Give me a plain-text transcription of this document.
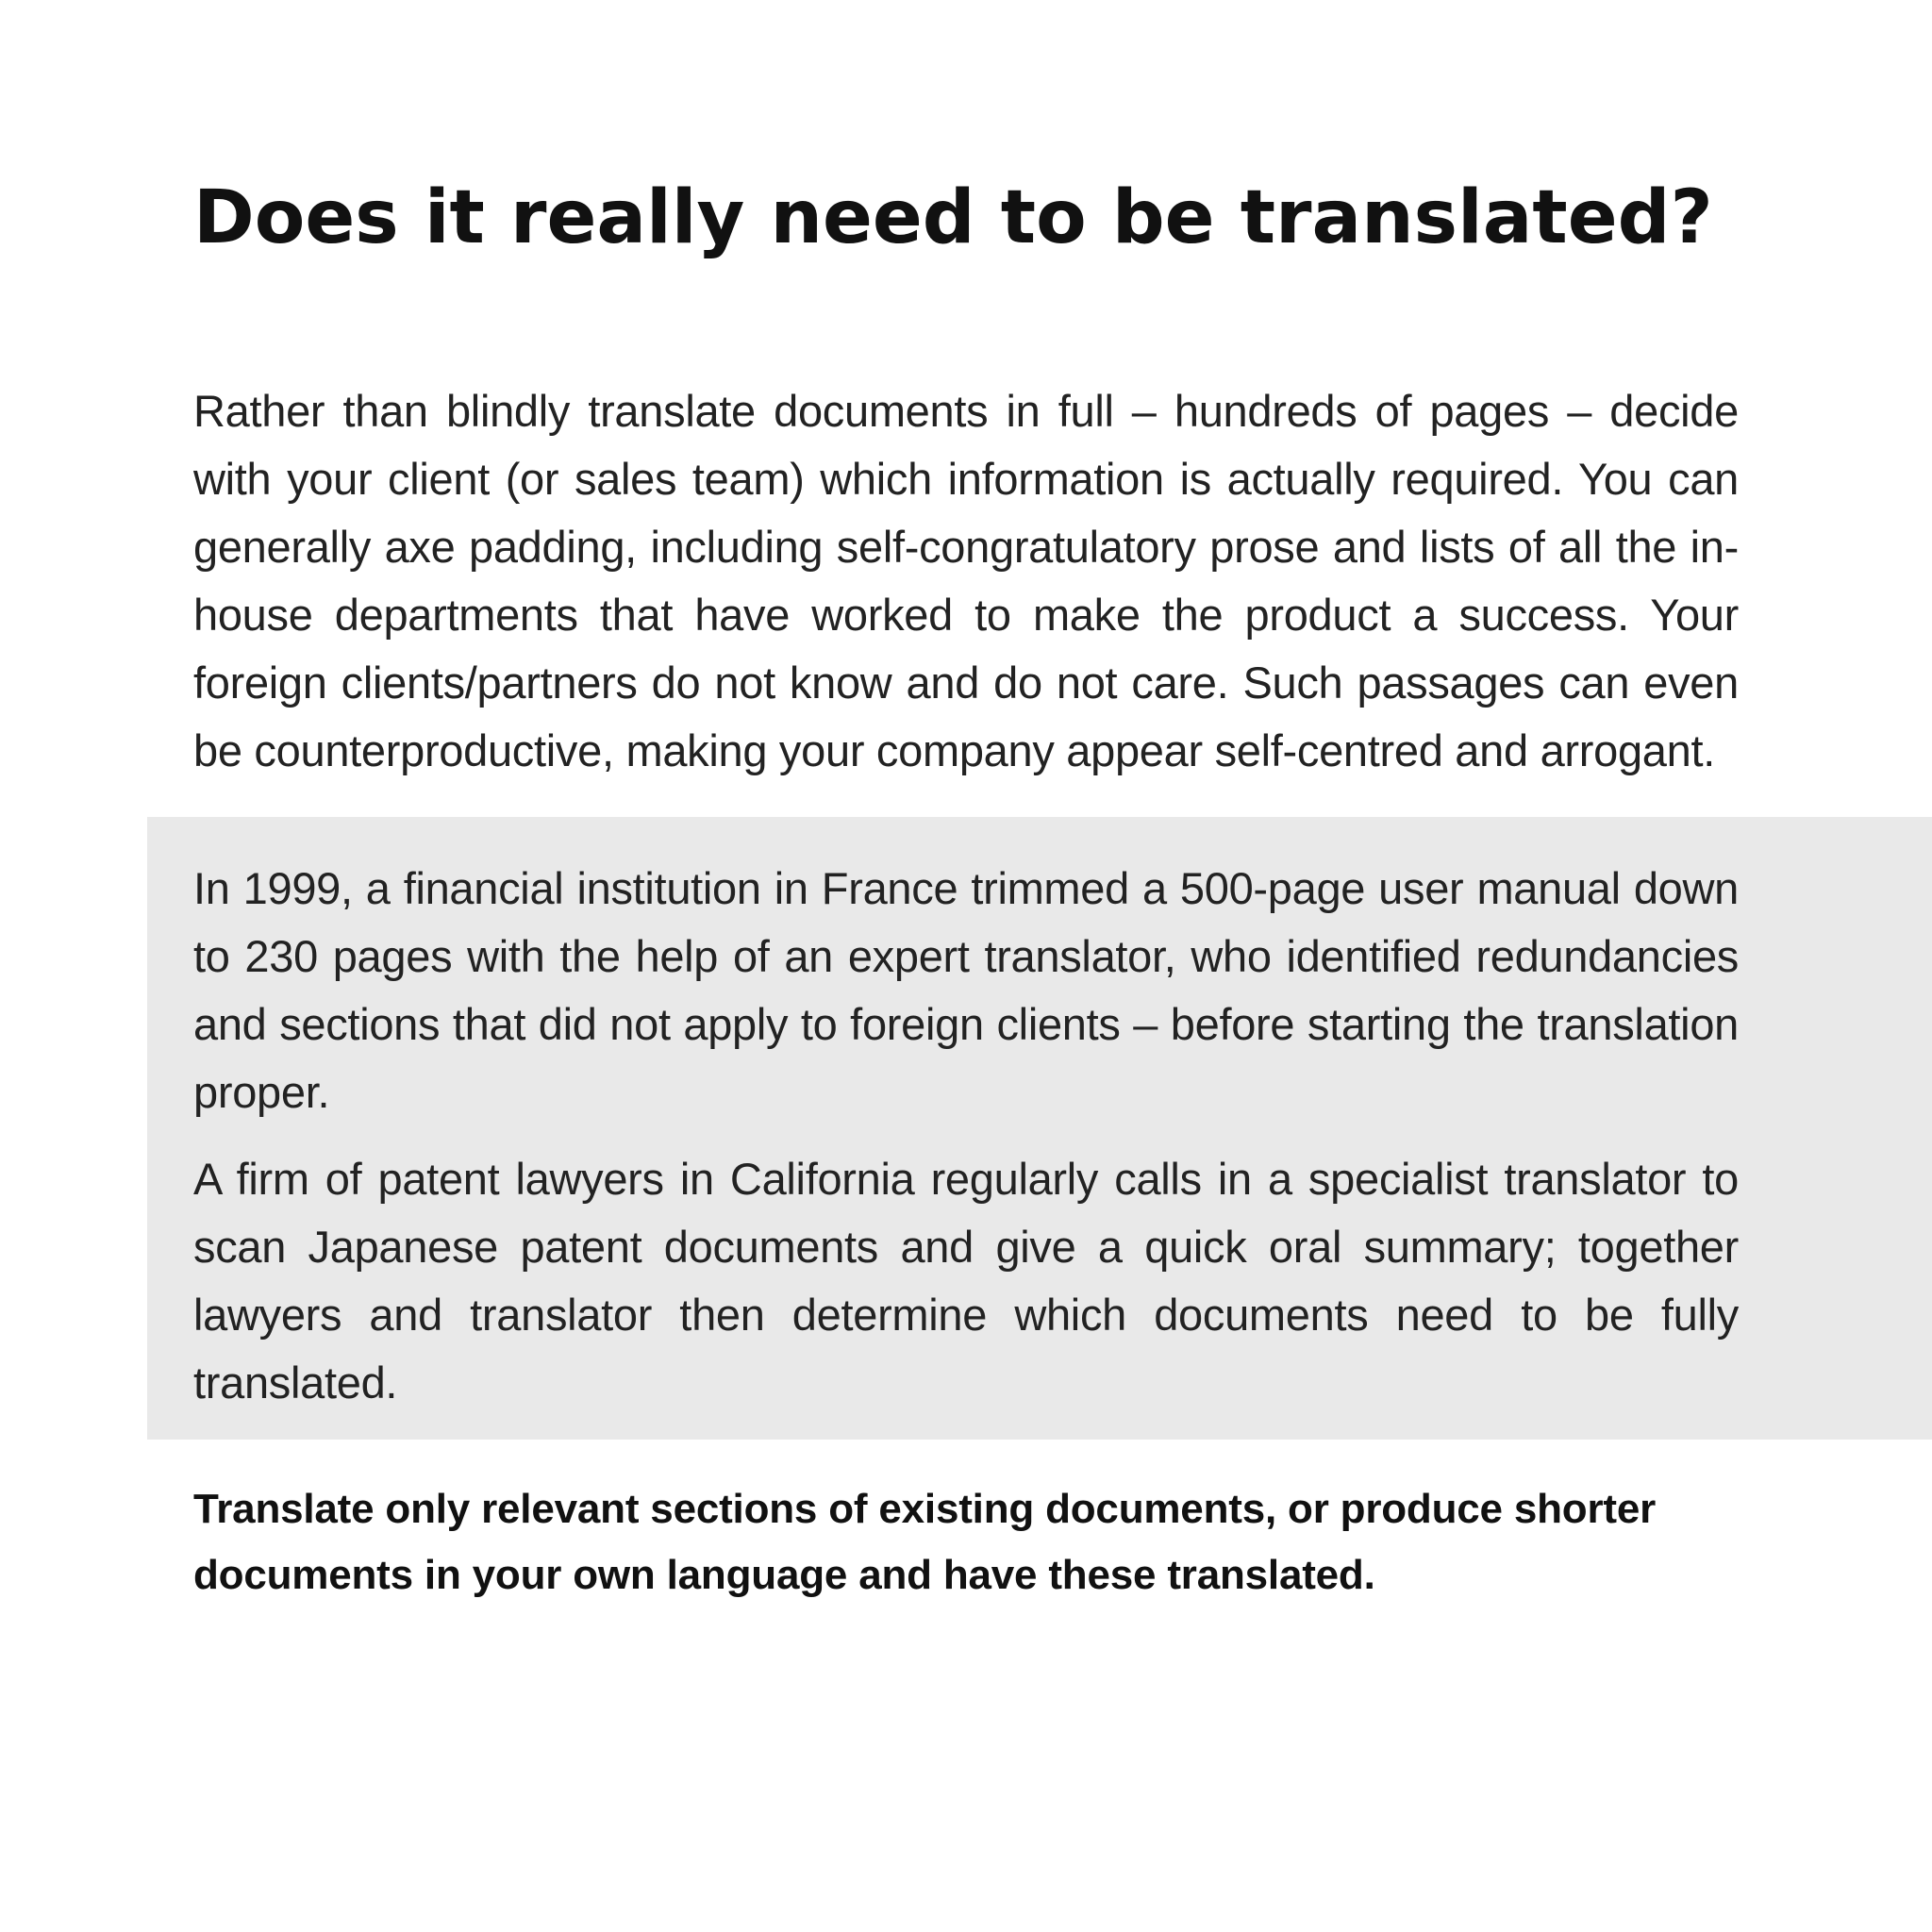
Does it really need to be translated?

Rather than blindly translate documents in full – hundreds of pages – decide with your client (or sales team) which information is actually required. You can generally axe padding, including self-congratulatory prose and lists of all the in-house departments that have worked to make the product a success. Your foreign clients/partners do not know and do not care. Such passages can even be counterproductive, making your company appear self-centred and arrogant.

In 1999, a financial institution in France trimmed a 500-page user manual down to 230 pages with the help of an expert translator, who identified redundancies and sections that did not apply to foreign clients – before starting the translation proper.

A firm of patent lawyers in California regularly calls in a specialist translator to scan Japanese patent documents and give a quick oral summary; together lawyers and translator then determine which documents need to be fully translated.

Translate only relevant sections of existing documents, or produce shorter documents in your own language and have these translated.
